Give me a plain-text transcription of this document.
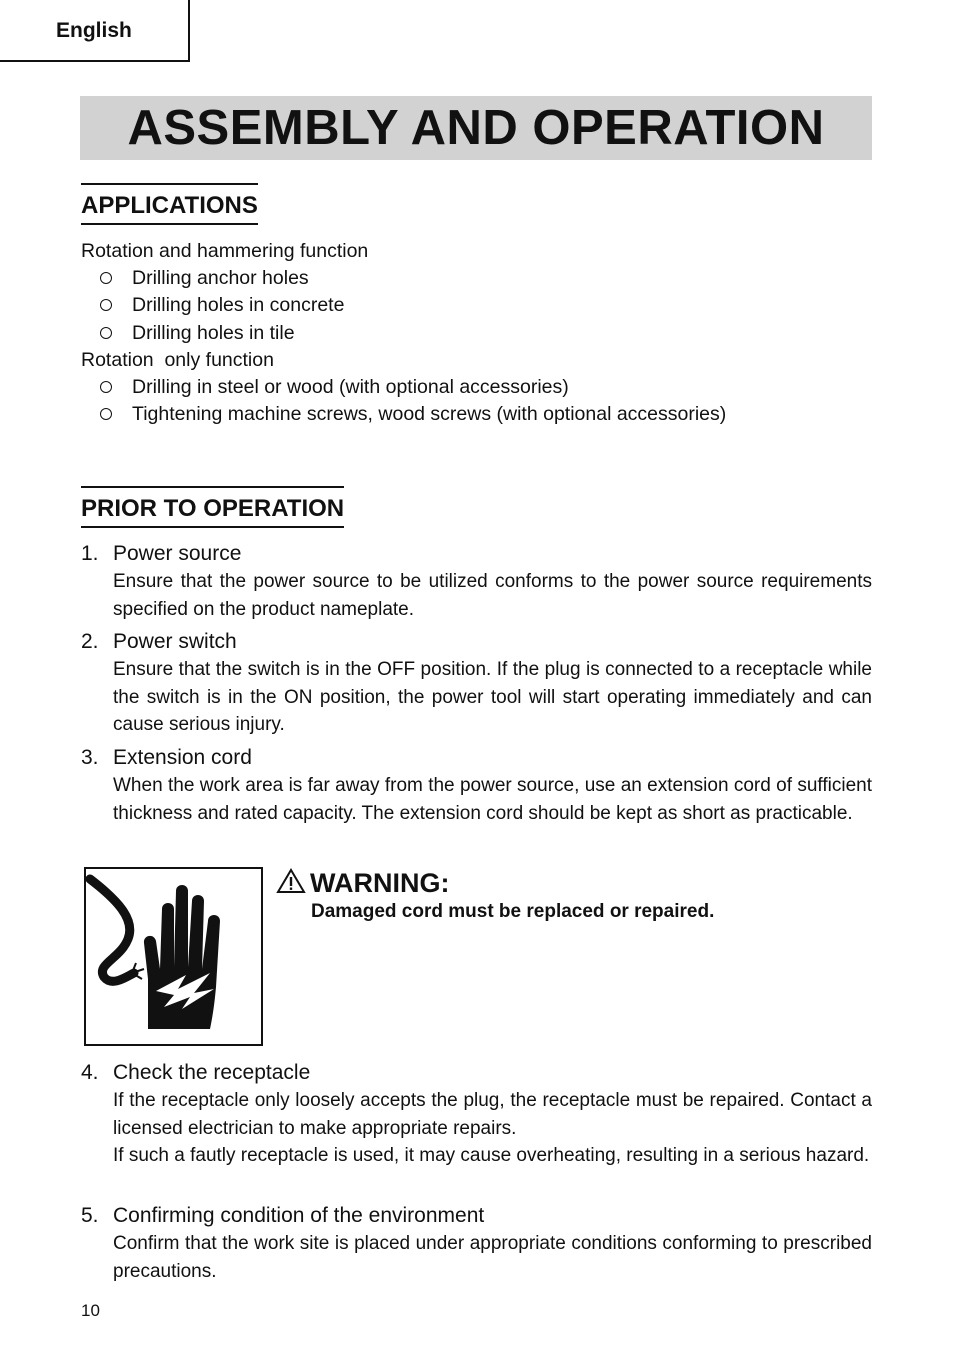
English
ASSEMBLY AND OPERATION
APPLICATIONS
Rotation and hammering function
Drilling anchor holes
Drilling holes in concrete
Drilling holes in tile
Rotation  only function
Drilling in steel or wood (with optional accessories)
Tightening machine screws, wood screws (with optional accessories)
PRIOR TO OPERATION
1. Power source
Ensure that the power source to be utilized conforms to the power source requirements specified on the product nameplate.
2. Power switch
Ensure that the switch is in the OFF position. If the plug is connected to a receptacle while the switch is in the ON position, the power tool will start operating immediately and can cause serious injury.
3. Extension cord
When the work area is far away from the power source, use an extension cord of sufficient thickness and rated capacity. The extension cord should be kept as short as practicable.
WARNING:
Damaged cord must be replaced or repaired.
4. Check the receptacle
If the receptacle only loosely accepts the plug, the receptacle must be repaired. Contact a licensed electrician to make appropriate repairs.
If such a fautly receptacle is used, it may cause overheating, resulting in a serious hazard.
5. Confirming condition of the environment
Confirm that the work site is placed under appropriate conditions conforming to prescribed precautions.
10
